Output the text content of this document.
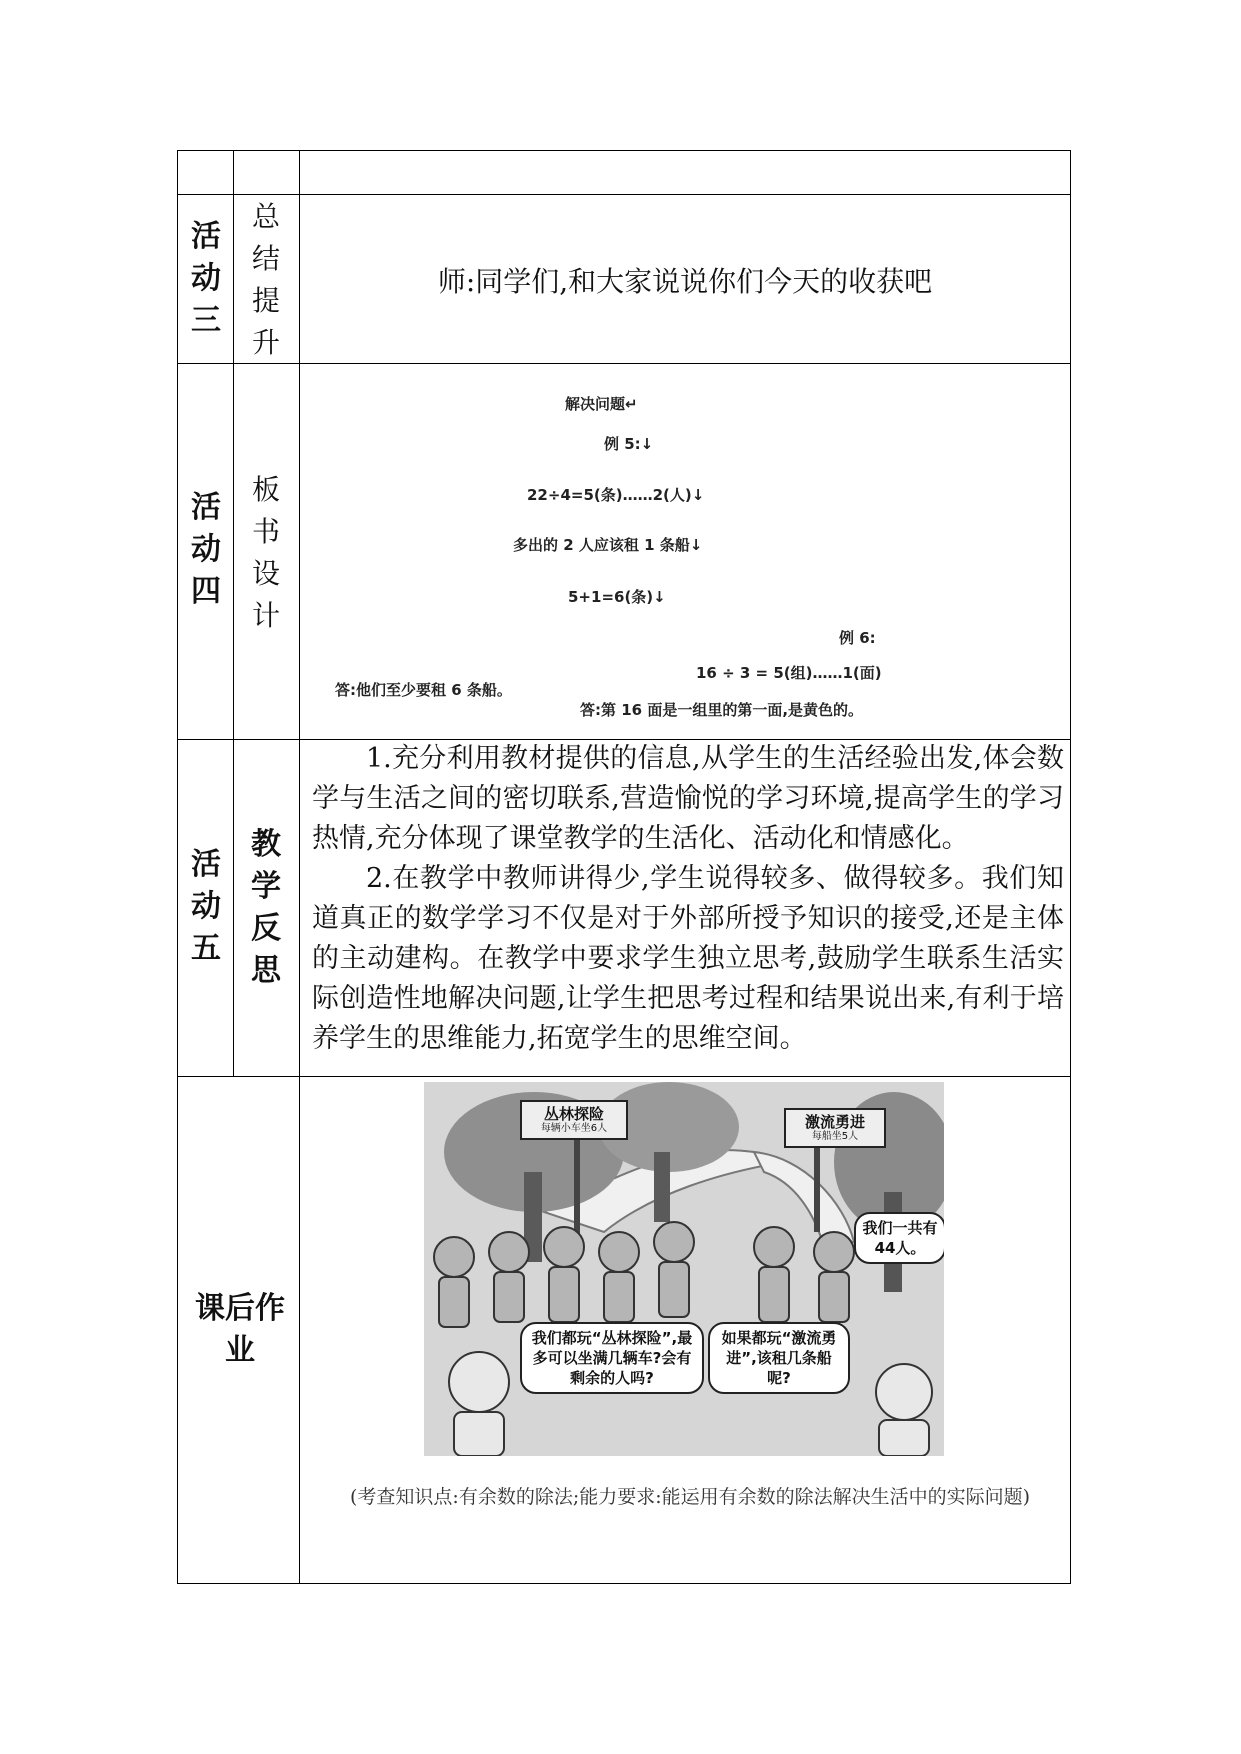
活
动
三
总
结
提
升
师:同学们,和大家说说你们今天的收获吧
活
动
四
板
书
设
计
解决问题↵
例 5:↓
22÷4=5(条)……2(人)↓
多出的 2 人应该租 1 条船↓
5+1=6(条)↓
例 6:
答:他们至少要租 6 条船。
16 ÷ 3 = 5(组)……1(面)
答:第 16 面是一组里的第一面,是黄色的。
活
动
五
教
学
反
思
1.充分利用教材提供的信息,从学生的生活经验出发,体会数学与生活之间的密切联系,营造愉悦的学习环境,提高学生的学习热情,充分体现了课堂教学的生活化、活动化和情感化。
2.在教学中教师讲得少,学生说得较多、做得较多。我们知道真正的数学学习不仅是对于外部所授予知识的接受,还是主体的主动建构。在教学中要求学生独立思考,鼓励学生联系生活实际创造性地解决问题,让学生把思考过程和结果说出来,有利于培养学生的思维能力,拓宽学生的思维空间。
课后作
业
丛林探险
每辆小车坐6人	激流勇进
每船坐5人
我们一共有44人。
我们都玩“丛林探险”,最多可以坐满几辆车?会有剩余的人吗?
如果都玩“激流勇进”,该租几条船呢?
(考查知识点:有余数的除法;能力要求:能运用有余数的除法解决生活中的实际问题)
